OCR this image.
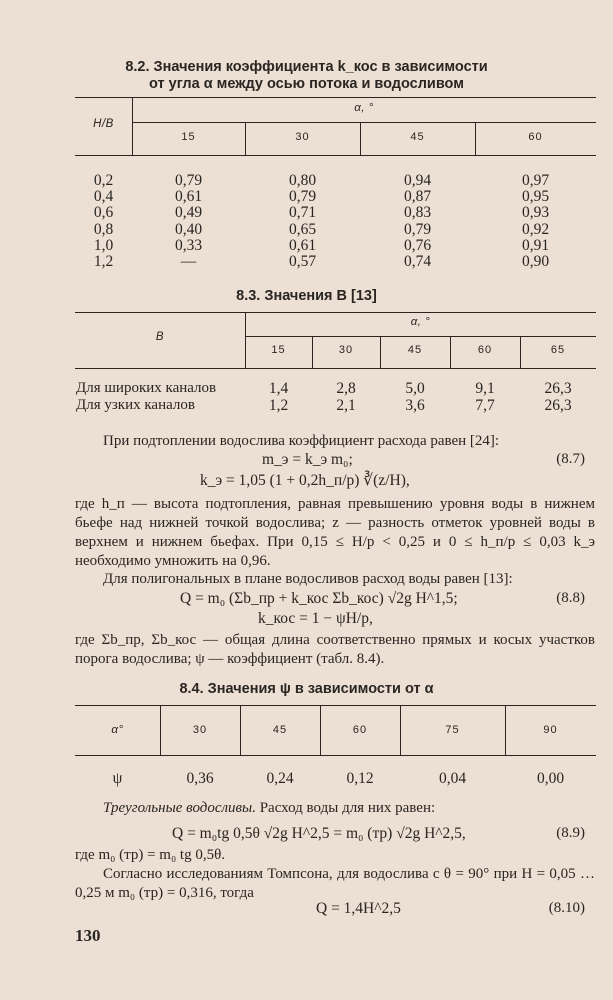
8.2. Значения коэффициента k_кос в зависимости
от угла α между осью потока и водосливом
H/B
α, °
15	30	45	60
0,2	0,79	0,80	0,94	0,97
0,4	0,61	0,79	0,87	0,95
0,6	0,49	0,71	0,83	0,93
0,8	0,40	0,65	0,79	0,92
1,0	0,33	0,61	0,76	0,91
1,2	—	0,57	0,74	0,90
8.3. Значения B [13]
B
α, °
15	30	45	60	65
Для широких каналов	1,4	2,8	5,0	9,1	26,3
Для узких каналов	1,2	2,1	3,6	7,7	26,3
При подтоплении водослива коэффициент расхода равен [24]:
m_э = k_э m₀;	(8.7)
k_э = 1,05 (1 + 0,2h_п/p) ∛(z/H),
где h_п — высота подтопления, равная превышению уровня воды в нижнем бьефе над нижней точкой водослива; z — разность отметок уровней воды в верхнем и нижнем бьефах. При 0,15 ≤ H/p < 0,25 и 0 ≤ h_п/p ≤ 0,03 k_э необходимо умножить на 0,96.
Для полигональных в плане водосливов расход воды равен [13]:
Q = m₀ (Σb_пр + k_кос Σb_кос) √2g H^1,5;	(8.8)
k_кос = 1 − ψH/p,
где Σb_пр, Σb_кос — общая длина соответственно прямых и косых участков порога водослива; ψ — коэффициент (табл. 8.4).
8.4. Значения ψ в зависимости от α
α°	30	45	60	75	90
ψ	0,36	0,24	0,12	0,04	0,00
Треугольные водосливы. Расход воды для них равен:
Q = m₀tg 0,5θ √2g H^2,5 = m₀ (тр) √2g H^2,5,	(8.9)
где m₀ (тр) = m₀ tg 0,5θ.
Согласно исследованиям Томпсона, для водослива с θ = 90° при H = 0,05 … 0,25 м m₀ (тр) = 0,316, тогда
Q = 1,4H^2,5	(8.10)
130
